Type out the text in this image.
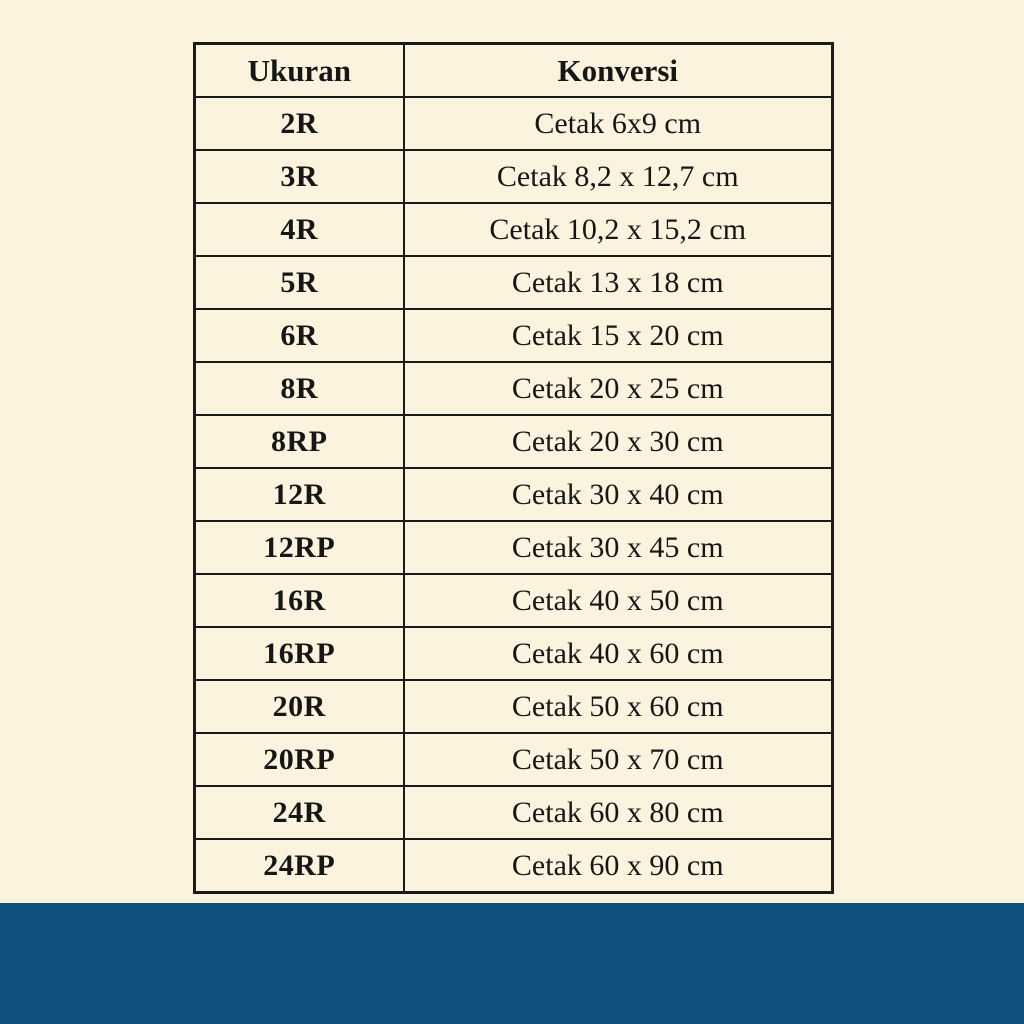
Ukuran	Konversi
2R	Cetak 6x9 cm
3R	Cetak 8,2 x 12,7 cm
4R	Cetak 10,2 x 15,2 cm
5R	Cetak 13 x 18 cm
6R	Cetak 15 x 20 cm
8R	Cetak 20 x 25 cm
8RP	Cetak 20 x 30 cm
12R	Cetak 30 x 40 cm
12RP	Cetak 30 x 45 cm
16R	Cetak 40 x 50 cm
16RP	Cetak 40 x 60 cm
20R	Cetak 50 x 60 cm
20RP	Cetak 50 x 70 cm
24R	Cetak 60 x 80 cm
24RP	Cetak 60 x 90 cm
